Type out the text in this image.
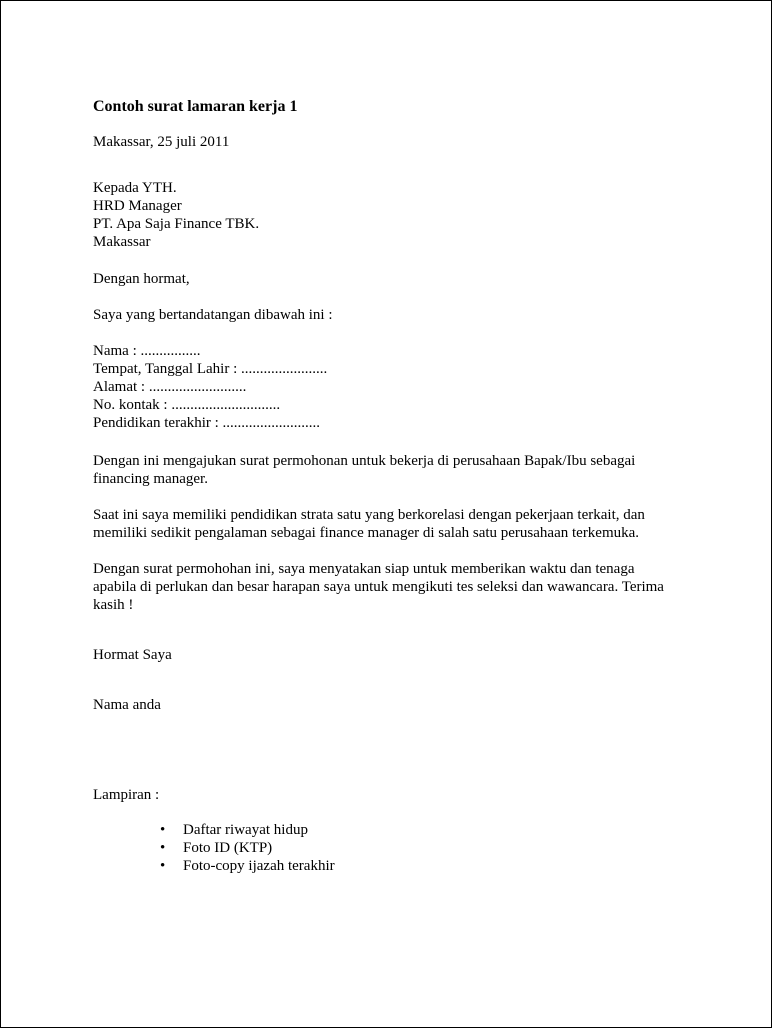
Contoh surat lamaran kerja 1
Makassar, 25 juli 2011
Kepada YTH.
HRD Manager
PT. Apa Saja Finance TBK.
Makassar
Dengan hormat,
Saya yang bertandatangan dibawah ini :
Nama : ................
Tempat, Tanggal Lahir : .......................
Alamat : ..........................
No. kontak : .............................
Pendidikan terakhir : ..........................
Dengan ini mengajukan surat permohonan untuk bekerja di perusahaan Bapak/Ibu sebagai
financing manager.
Saat ini saya memiliki pendidikan strata satu yang berkorelasi dengan pekerjaan terkait, dan
memiliki sedikit pengalaman sebagai finance manager di salah satu perusahaan terkemuka.
Dengan surat permohohan ini, saya menyatakan siap untuk memberikan waktu dan tenaga
apabila di perlukan dan besar harapan saya untuk mengikuti tes seleksi dan wawancara. Terima
kasih !
Hormat Saya
Nama anda
Lampiran :
• Daftar riwayat hidup
• Foto ID (KTP)
• Foto-copy ijazah terakhir
